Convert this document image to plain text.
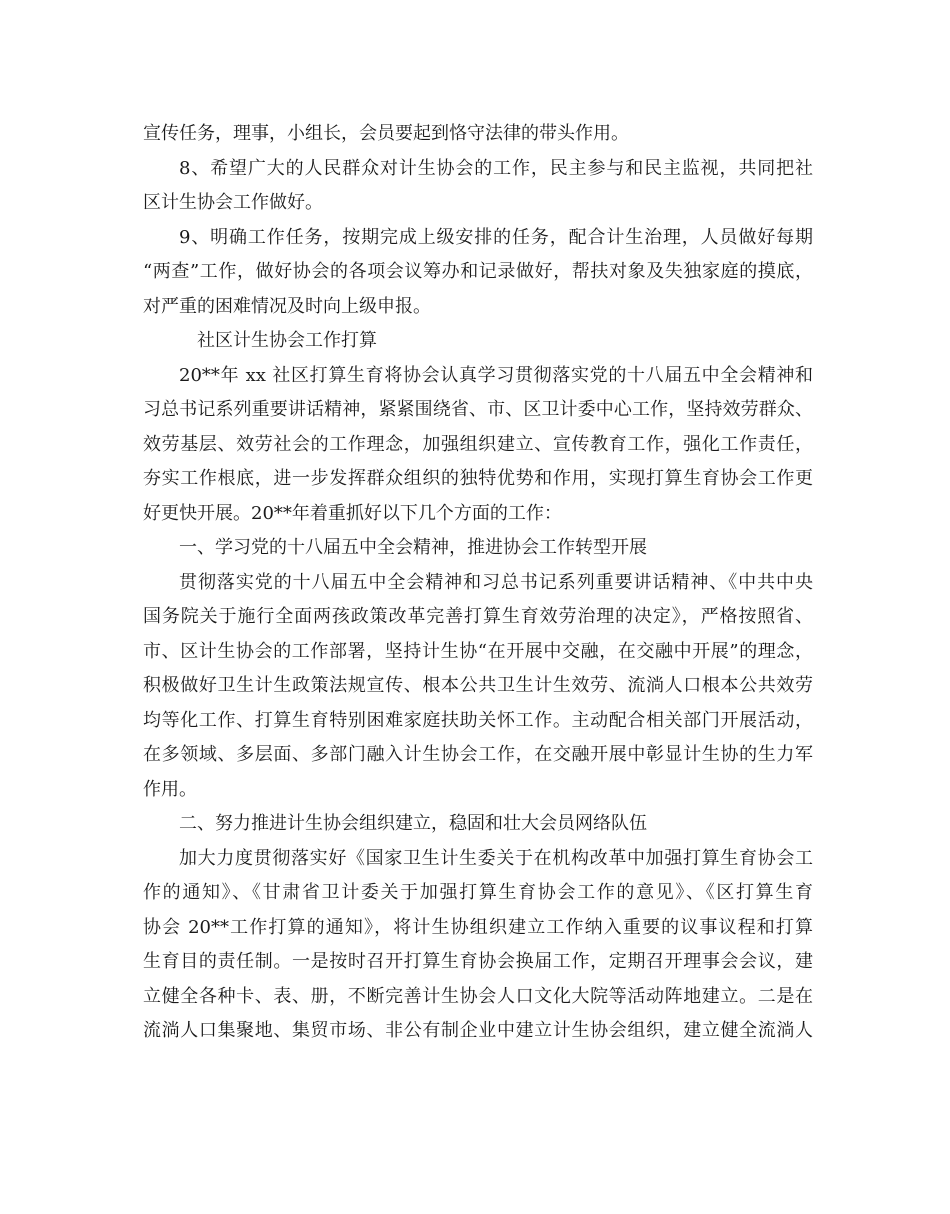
宣传任务，理事，小组长，会员要起到恪守法律的带头作用。
8、希望广大的人民群众对计生协会的工作，民主参与和民主监视，共同把社
区计生协会工作做好。
9、明确工作任务，按期完成上级安排的任务，配合计生治理，人员做好每期
“两查”工作，做好协会的各项会议筹办和记录做好，帮扶对象及失独家庭的摸底，
对严重的困难情况及时向上级申报。
社区计生协会工作打算
20**年 xx 社区打算生育将协会认真学习贯彻落实党的十八届五中全会精神和
习总书记系列重要讲话精神，紧紧围绕省、市、区卫计委中心工作，坚持效劳群众、
效劳基层、效劳社会的工作理念，加强组织建立、宣传教育工作，强化工作责任，
夯实工作根底，进一步发挥群众组织的独特优势和作用，实现打算生育协会工作更
好更快开展。20**年着重抓好以下几个方面的工作：
一、学习党的十八届五中全会精神，推进协会工作转型开展
贯彻落实党的十八届五中全会精神和习总书记系列重要讲话精神、《中共中央
国务院关于施行全面两孩政策改革完善打算生育效劳治理的决定》，严格按照省、
市、区计生协会的工作部署，坚持计生协“在开展中交融，在交融中开展”的理念，
积极做好卫生计生政策法规宣传、根本公共卫生计生效劳、流淌人口根本公共效劳
均等化工作、打算生育特别困难家庭扶助关怀工作。主动配合相关部门开展活动，
在多领域、多层面、多部门融入计生协会工作，在交融开展中彰显计生协的生力军
作用。
二、努力推进计生协会组织建立，稳固和壮大会员网络队伍
加大力度贯彻落实好《国家卫生计生委关于在机构改革中加强打算生育协会工
作的通知》、《甘肃省卫计委关于加强打算生育协会工作的意见》、《区打算生育
协会 20**工作打算的通知》，将计生协组织建立工作纳入重要的议事议程和打算
生育目的责任制。一是按时召开打算生育协会换届工作，定期召开理事会会议，建
立健全各种卡、表、册，不断完善计生协会人口文化大院等活动阵地建立。二是在
流淌人口集聚地、集贸市场、非公有制企业中建立计生协会组织，建立健全流淌人
